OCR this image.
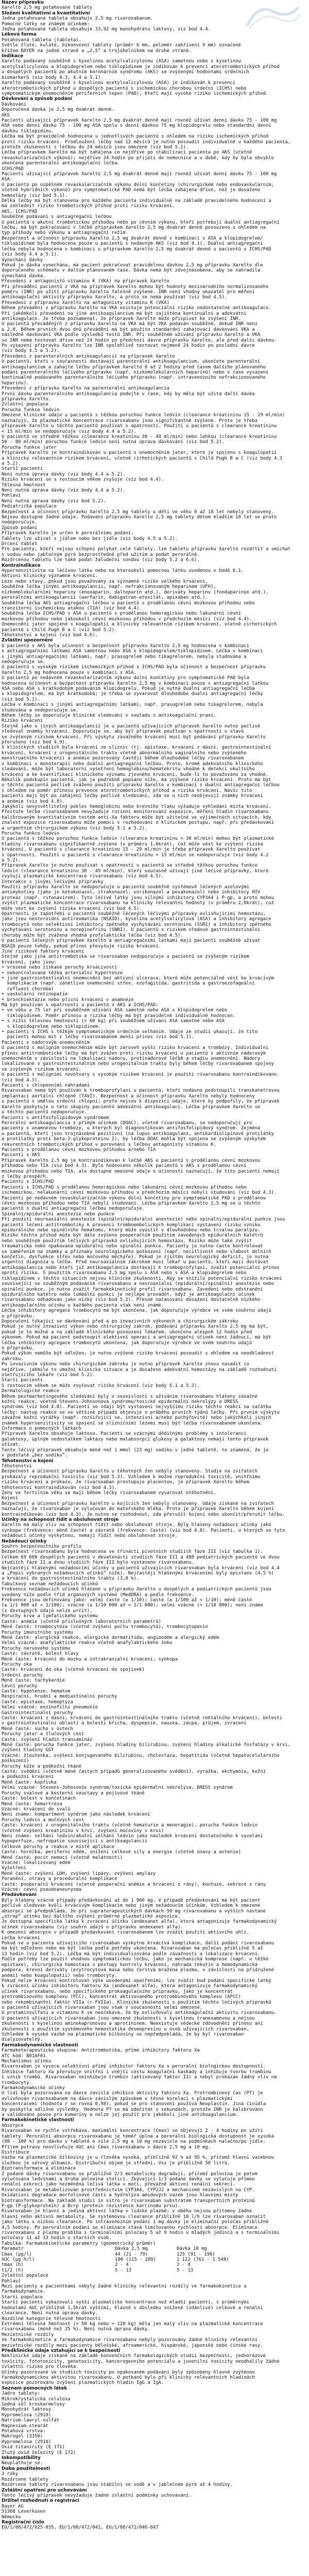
Název přípravku
Xarelto 2,5 mg potahované tablety
Složení kvalitativní a kvantitativní
Jedna potahovaná tableta obsahuje 2,5 mg rivaroxabanum.
Pomocné látky se známým účinkem:
Jedna potahovaná tableta obsahuje 33,92 mg monohydrátu laktosy, viz bod 4.4.
Léková forma
Potahovaná tableta (tableta).
Světle žluté, kulaté, bikonvexní tablety (průměr 6 mm, poloměr zakřivení 9 mm) označené
křížem BAYER na jedné straně a „2,5“ a trojúhelníkem na druhé straně.
Indikace
Xarelto podávaný souběžně s kyselinou acetylsalicylovou (ASA) samotnou nebo s kyselinou
acetylsalicylovou a klopidogrelem nebo tiklopidinem je indikován k prevenci aterotrombotických příhod
u dospělých pacientů po akutním koronárním syndromu (AKS) se zvýšenými hodnotami srdečních
biomarkerů (viz body 4.3, 4.4 a 5.1).
Xarelto podávaný souběžně s kyselinou acetylsalicylovou (ASA) je indikován k prevenci
aterotrombotických příhod u dospělých pacientů s ischemickou chorobou srdeční (ICHS) nebo
symptomatickým onemocněním periferních tepen (PAD), kteří mají vysoké riziko ischemických příhod.
Dávkování a způsob podání
Dávkování
Doporučená dávka je 2,5 mg dvakrát denně.
AKS
Pacienti užívající přípravek Xarelto 2,5 mg dvakrát denně mají rovněž užívat denní dávku 75 - 100 mg
ASA nebo denní dávku 75 - 100 mg ASA spolu s denní dávkou 75 mg klopidogrelu nebo standardní denní
dávkou tiklopidinu.
Léčba má být pravidelně hodnocena u jednotlivých pacientů s ohledem na riziko ischemických příhod
proti riziku krvácení. Prodloužení léčby nad 12 měsíců je nutno posoudit individuálně u každého pacienta,
protože zkušenosti s léčbou do 24 měsíců jsou omezené (viz bod 5.1).
Léčba přípravkem Xarelto má být zahájena co nejdříve po stabilizaci pacienta po AKS (včetně
revaskularizačních výkonů); nejdříve 24 hodin po přijetí do nemocnice a v době, kdy by byla obvykle
ukončena parenterální antikoagulační léčba.
ICHS/PAD
Pacienti užívající přípravek Xarelto 2,5 mg dvakrát denně mají rovněž užívat denní dávku 75 - 100 mg
ASA.
U pacientů po úspěšném revaskularizačním výkonu dolní končetiny (chirurgickém nebo endovaskulárním,
včetně hybridních výkonů) pro symptomatické PAD nemá být léčba zahájena dříve, než je dosaženo
hemostázy (viz bod 5.1).
Délka léčby má být stanovena pro každého pacienta individuálně na základě pravidelného hodnocení a
má zohlednit riziko trombotických příhod proti riziku krvácení.
AKS, ICHS/PAD
Souběžné podávání s antiagregační léčbou
U pacientů s akutní trombotickou příhodou nebo po cévním výkonu, kteří potřebují duální antiagregační
léčbu, má být pokračování v léčbě přípravkem Xarelto 2,5 mg dvakrát denně posouzeno s ohledem na
typ příhody nebo výkonu a antiagregační režim.
Bezpečnost a účinnost přípravku Xarelto 2,5 mg dvakrát denně v kombinaci s ASA a klopidogrelem/
tiklopidinem byla hodnocena pouze u pacientů s nedávným AKS (viz bod 4.1). Duální antiagregační
léčba nebyla hodnocena v kombinaci s přípravkem Xarelto 2,5 mg dvakrát denně u pacientů s ICHS/PAD
(viz body 4.4 a 5.1).
Vynechání dávky
Pokud je dávka vynechána, má pacient pokračovat pravidelnou dávkou 2,5 mg přípravku Xarelto dle
doporučeného schématu v dalším plánovaném čase. Dávka nemá být zdvojnásobena, aby se nahradila
vynechaná dávka.
Převedení z antagonistů vitaminu K (VKA) na přípravek Xarelto
Při převádění pacientů z VKA na přípravek Xarelto mohou být hodnoty mezinárodního normalizovaného
poměru (INR) po užití přípravku Xarelto falešně zvýšené. INR není vhodný ukazatel pro měření
antikoagulační aktivity přípravku Xarelto, a proto se nemá používat (viz bod 4.5).
Převedení z přípravku Xarelto na antagonisty vitaminu K (VKA)
Během převádění z přípravku Xarelto na VKA existuje potenciální riziko nedostatečné antikoagulace.
Při jakémkoli převedení na jiné antikoagulancium má být zajištěna kontinuální a adekvátní
antikoagulace. Je třeba poznamenat, že přípravek Xarelto může přispívat ke zvýšení INR.
U pacientů převáděných z přípravku Xarelto na VKA má být VKA podáván souběžně, dokud INR není
≥ 2,0. Během prvních dvou dnů převádění má být použito standardní zahajovací dávkování VKA a
následně dávkování VKA podle výsledků testů INR. Při souběžném užívání přípravku Xarelto a VKA
se INR nemá testovat dříve než 24 hodin po předchozí dávce přípravku Xarelto, ale před další dávkou.
Po vysazení přípravku Xarelto lze INR spolehlivě testovat nejméně 24 hodin po poslední dávce
(viz body 4.5 a 5.2).
Převedení z parenterálních antikoagulancií na přípravek Xarelto
U pacientů, kteří v současnosti dostávají parenterální antikoagulancium, ukončete parenterální
antikoagulancium a zahajte léčbu přípravkem Xarelto 0 až 2 hodiny před časem dalšího plánovaného
podání parenterálního léčivého přípravku (např. nízkomolekulárních heparinů) nebo v čase vysazení
kontinuálně podávaného parenterálního léčivého přípravku (např. intravenózního nefrakcionovaného
heparinu).
Převedení z přípravku Xarelto na parenterální antikoagulancia
První dávku parenterálního antikoagulancia podejte v čase, kdy by měla být užita další dávka
přípravku Xarelto.
Zvláštní populace
Porucha funkce ledvin
Omezené klinické údaje u pacientů s těžkou poruchou funkce ledvin (clearance kreatininu 15 - 29 ml/min)
naznačují, že plazmatické koncentrace rivaroxabanu jsou signifikantně zvýšené. Proto je třeba
přípravek Xarelto u těchto pacientů používat s opatrností. Použití u pacientů s clearance kreatininu
< 15 ml/min se nedoporučuje (viz body 4.4 a 5.2).
U pacientů se středně těžkou (clearance kreatininu 30 - 49 ml/min) nebo lehkou (clearance kreatininu
50 - 80 ml/min) poruchou funkce ledvin není nutná úprava dávkování (viz bod 5.2).
Porucha funkce jater
Přípravek Xarelto je kontraindikován u pacientů s onemocněním jater, které je spojeno s koagulopatií
a klinicky relevantním rizikem krvácení, včetně cirhotických pacientů s Child Pugh B a C (viz body 4.3
a 5.2).
Starší pacienti
Není nutná úprava dávky (viz body 4.4 a 5.2).
Riziko krvácení se s rostoucím věkem zvyšuje (viz bod 4.4).
Tělesná hmotnost
Není nutná úprava dávky (viz body 4.4 a 5.2).
Pohlaví
Není nutná úprava dávky (viz bod 5.2).
Pediatrická populace
Bezpečnost a účinnost přípravku Xarelto 2,5 mg tablety u dětí ve věku 0 až 18 let nebyly stanoveny.
Nejsou dostupné žádné údaje. Podávání přípravku Xarelto 2,5 mg tablety dětem mladším 18 let se proto
nedoporučuje.
Způsob podání
Přípravek Xarelto je určen k perorálnímu podání.
Tablety lze užívat s jídlem nebo bez jídla (viz body 4.5 a 5.2).
Drcení tablet
Pro pacienty, kteří nejsou schopni polykat celé tablety, lze tabletu přípravku Xarelto rozdrtit a smíchat
s vodou nebo jablečným pyré bezprostředně před užitím a podat perorálně.
Rozdrcenou tabletu lze také podat žaludeční sondou (viz body 5.2 a 6.6).
Kontraindikace
Hypersenzitivita na léčivou látku nebo na kteroukoli pomocnou látku uvedenou v bodě 6.1.
Aktivní klinicky významné krvácení.
Léze nebo stavy, pokud jsou považovány za významné riziko velkého krvácení.
Souběžná léčba jinými antikoagulancii, např. nefrakcionovaným heparinem (UFH),
nízkomolekulárními hepariny (enoxaparin, dalteparin atd.), deriváty heparinu (fondaparinux atd.),
perorálními antikoagulancii (warfarin, dabigatran-etexilát, apixaban atd.).
Souběžná léčba AKS antiagregační léčbou u pacientů s prodělanou cévní mozkovou příhodou nebo
tranzitorní ischemickou atakou (TIA) (viz bod 4.4).
Souběžná léčba ICHS/PAD s ASA u pacientů s prodělanou hemoragickou nebo lakunární cévní
mozkovou příhodou nebo jakoukoli cévní mozkovou příhodou v předchozím měsíci (viz bod 4.4).
Onemocnění jater spojené s koagulopatií a klinicky relevantním rizikem krvácení, včetně cirhotických
pacientů s Child Pugh B a C (viz bod 5.2).
Těhotenství a kojení (viz bod 4.6).
Zvláštní upozornění
U pacientů s AKS byla účinnost a bezpečnost přípravku Xarelto 2,5 mg hodnocena v kombinaci
s antiagregačními látkami ASA samotnou nebo ASA s klopidogrelem/tiklopidinem. Léčba v kombinaci
s jinými antiagregačními látkami, např. prasugrelem nebo tikagrelorem, nebyla studována a
nedoporučuje se.
U pacientů s vysokým rizikem ischemických příhod s ICHS/PAD byla účinnost a bezpečnost přípravku
Xarelto 2,5 mg hodnocena pouze v kombinaci s ASA.
U pacientů po nedávném revaskularizačním výkonu dolní končetiny pro symptomatické PAD byla
hodnocena účinnost a bezpečnost přípravku Xarelto 2,5 mg v kombinaci pouze s antiagregační látkou
ASA nebo ASA s krátkodobým podáváním klopidogrelu. Pokud je nutná duální antiagregační léčba
s klopidogrelem, má být krátkodobá; je třeba se vyvarovat dlouhodobé duální antiagregační léčby
(viz bod 5.1).
Léčba v kombinaci s jinými antiagregačními látkami, např. prasugrelem nebo tikagrelorem, nebyla
studována a nedoporučuje se.
Během léčby se doporučuje klinické sledování v souladu s antikoagulační praxí.
Riziko krvácení
Stejně jako u jiných antikoagulancií je u pacientů užívajících přípravek Xarelto nutno pečlivě
sledovat známky krvácení. Doporučuje se, aby byl přípravek používán s opatrností u stavů
se zvýšeným rizikem krvácení. Při výskytu závažného krvácení musí být podávání přípravku Xarelto
přerušeno (viz bod 4.9).
V klinických studiích byla krvácení ze sliznic (tj. epistaxe, krvácení z dásní, gastrointestinální
krvácení, krvácení z urogenitálního traktu včetně abnormálního vaginálního nebo zvýšeného
menstruačního krvácení) a anémie pozorovány častěji během dlouhodobé léčby rivaroxabanem
v kombinaci s monoterapií nebo duální antiagregační léčbou. Proto, kromě adekvátního klinického
sledování, může být laboratorní vyšetření hemoglobinu/hematokritu vhodné k detekci okultního
krvácení a ke kvantifikaci klinického významu zjevného krvácení, bude-li to považováno za vhodné.
Několik podskupin pacientů, jak je podrobně popsáno níže, má zvýšené riziko krvácení. Proto má být
u těchto pacientů pečlivě zváženo použití přípravku Xarelto v kombinaci s duální antiagregační léčbou
s ohledem na poměr přínosu prevence aterotrombotických příhod a rizika krvácení. Navíc tito
pacienti mají být po zahájení léčby pečlivě sledováni, zda se u nich neobjevují známky krvácení
a anémie (viz bod 4.8).
Jakýkoli nevysvětlitelný pokles hemoglobinu nebo krevního tlaku vyžaduje vyhledání místa krvácení.
Přestože léčba rivaroxabanem nevyžaduje rutinní monitorování expozice, měření hladin rivaroxabanu
kalibrovaným kvantitativním testem anti-Xa faktoru může být užitečné ve výjimečných situacích, kdy
znalost expozice rivaroxabanu může pomoci v rozhodování o klinickém postupu, např. při předávkování
a urgentním chirurgickém výkonu (viz body 5.1 a 5.2).
Porucha funkce ledvin
U pacientů s těžkou poruchou funkce ledvin (clearance kreatininu < 30 ml/min) mohou být plazmatické
hladiny rivaroxabanu signifikantně zvýšené (v průměru 1,6krát), což může vést ke zvýšení rizika
krvácení. U pacientů s clearance kreatininu 15 - 29 ml/min je třeba přípravek Xarelto používat
s opatrností. Použití u pacientů s clearance kreatininu < 15 ml/min se nedoporučuje (viz body 4.2
a 5.2).
Přípravek Xarelto je nutno používat s opatrností u pacientů se středně těžkou poruchou funkce
ledvin (clearance kreatininu 30 - 49 ml/min), kteří současně užívají jiné léčivé přípravky, které
zvyšují plazmatické koncentrace rivaroxabanu (viz bod 4.5).
Interakce s jinými léčivými přípravky
Použití přípravku Xarelto se nedoporučuje u pacientů souběžně systémově léčených azolovými
antimykotiky (jako je ketokonazol, itrakonazol, vorikonazol a posakonazol) nebo inhibitory HIV
proteáz (např. ritonavirem). Tyto léčivé látky jsou silnými inhibitory CYP3A4 i P-gp, a proto mohou
zvýšit plazmatické koncentrace rivaroxabanu na klinicky relevantní hodnoty (v průměru 2,6krát), což
může vést ke zvýšení rizika krvácení (viz bod 4.5).
Opatrnosti je zapotřebí u pacientů souběžně léčených léčivými přípravky ovlivňujícími hemostázu,
jako jsou nesteroidní antirevmatika (NSAID), kyselina acetylsalicylová (ASA) a inhibitory agregace
trombocytů nebo selektivní inhibitory zpětného vychytávání serotoninu (SSRI) a inhibitory zpětného
vychytávání serotoninu a norepinefrinu (SNRI). U pacientů s rizikem vředové gastrointestinální
choroby může být zvážena vhodná profylaktická léčba (viz bod 4.5).
U pacientů léčených přípravkem Xarelto a antiagregačními látkami mají pacienti souběžně užívat
NSAID pouze tehdy, pokud přínos převyšuje riziko krvácení.
Jiné rizikové faktory krvácení
Stejně jako jiná antitrombotika se rivaroxaban nedoporučuje u pacientů se zvýšeným rizikem
krvácení, jako jsou:
• vrozené nebo získané poruchy krvácivosti
• nekontrolovaná těžká arteriální hypertenze
• jiné gastrointestinální onemocnění bez aktivní ulcerace, které může potenciálně vést ke krvácivým
komplikacím (např. zánětlivé onemocnění střev, ezofagitida, gastritida a gastroezofageální
refluxní choroba)
• vaskulární retinopatie
• bronchiektázie nebo plicní krvácení v anamnéze
Má být používán s opatrností u pacientů s AKS a ICHS/PAD:
• ve věku ≥ 75 let při souběžném užívání ASA samotné nebo ASA s klopidogrelem nebo
tiklopidinem. Poměr přínosu a rizika léčby má být pravidelně individuálně hodnocen.
• s nižší tělesnou hmotností (< 60 kg) při souběžném užívání ASA samotné nebo ASA
s klopidogrelem nebo tiklopidinem.
• pacienti s ICHS s těžkým symptomatickým srdečním selháním. Údaje ze studií ukazují, že tito
pacienti mohou mít z léčby rivaroxabanem menší přínos (viz bod 5.1).
Pacienti s nádorovým onemocněním
U pacientů s maligním onemocněním může být zároveň vyšší riziko krvácení a trombózy. Individuální
přínos antitrombotické léčby má být zvážen proti riziku krvácení u pacientů s aktivním nádorovým
onemocněním v závislosti na lokalizaci nádoru, protinádorové léčbě a stadiu onemocnění. Nádory
lokalizované v gastrointestinálním nebo urogenitálním traktu byly během léčby rivaroxabanem spojeny
se zvýšeným rizikem krvácení.
U pacientů s maligními novotvary s vysokým rizikem krvácení je použití rivaroxabanu kontraindikováno
(viz bod 4.3).
Pacienti s chlopenními náhradami
Rivaroxaban nemá být používán k tromboprofylaxi u pacientů, kteří nedávno podstoupili transkatetrovou
implantaci aortální chlopně (TAVI). Bezpečnost a účinnost přípravku Xarelto nebyly hodnoceny
u pacientů s umělou srdeční chlopní; proto nejsou k dispozici údaje, které by podpořily, že přípravek
Xarelto poskytuje u této skupiny pacientů adekvátní antikoagulaci. Léčba přípravkem Xarelto se
u těchto pacientů nedoporučuje.
Pacienti s antifosfolipidovým syndromem
Perorální antikoagulancia s přímým účinkem (DOAC), včetně rivaroxabanu, se nedoporučují pro
pacienty s anamnézou trombózy, u kterých byl diagnostikován antifosfolipidový syndrom. Zejména
u pacientů, kteří jsou trojnásobně pozitivní (na lupus antikoagulans, antikardiolipinové protilátky
a protilátky proti beta-2-glykoproteinu I), by léčba DOAC mohla být spojena se zvýšeným výskytem
rekurentních trombotických příhod v porovnání s léčbou antagonisty vitaminu K.
Pacienti s prodělanou cévní mozkovou příhodou a/nebo TIA
Pacienti s AKS
Přípravek Xarelto 2,5 mg je kontraindikován k léčbě AKS u pacientů s prodělanou cévní mozkovou
příhodou nebo TIA (viz bod 4.3). Bylo hodnoceno několik pacientů s AKS s prodělanou cévní
mozkovou příhodou nebo TIA, ale dostupné omezené údaje o účinnosti naznačují, že tito pacienti nemají
z léčby prospěch.
Pacienti s ICHS/PAD
Pacienti s ICHS/PAD s prodělanou hemoragickou nebo lakunární cévní mozkovou příhodou nebo
ischemickou, nelakunární cévní mozkovou příhodou v předchozím měsíci nebyli studováni (viz bod 4.3).
Pacienti po nedávném revaskularizačním výkonu dolní končetiny pro symptomatické PAD s prodělanou
cévní mozkovou příhodou nebo TIA nebyli studováni. Léčba přípravkem Xarelto 2,5 mg se u těchto
pacientů s duální antiagregační léčbou nedoporučuje.
Spinální/epidurální anestezie nebo punkce
Při použití neuroaxiální anestezie (spinální/epidurální anestezie) nebo spinální/epidurální punkce jsou
pacienti léčení antitrombotiky k prevenci tromboembolických komplikací vystaveni riziku vzniku
epidurálního nebo spinálního hematomu, který může vyústit v dlouhodobou nebo trvalou paralýzu.
Riziko těchto příhod může být dále zvýšeno pooperačním použitím zavedených epidurálních katétrů
nebo souběžným použitím léčivých přípravků ovlivňujících hemostázu. Riziko může také zvýšit
traumatická nebo opakovaná epidurální nebo spinální punkce. Pacienty je nutno často kontrolovat
se zaměřením na známky a příznaky neurologického poškození (např. necitlivost nebo slabost dolních
končetin, dysfunkce střev nebo močového měchýře). Pokud je zjištěn neurologický deficit, je nutná
urgentní diagnóza a léčba. Před neuroaxiálním zákrokem musí lékař u pacientů, kteří mají dostávat
antikoagulancia nebo kteří již antikoagulancia dostávají k tromboprofylaxi, zvážit potenciální přínos
oproti riziku. S použitím rivaroxabanu 2,5 mg spolu s ASA nebo s ASA a klopidogrelem nebo
tiklopidinem v těchto situacích nejsou klinické zkušenosti. Aby se snížilo potenciální riziko krvácení
související se souběžným podáváním rivaroxabanu a neuroaxiální (epidurální/spinální) anestezie nebo
spinální punkce, je nutno zvážit farmakokinetický profil rivaroxabanu. Zavedení nebo odstranění
epidurálního katétru nebo lumbální punkci je nejlépe provádět, když je antikoagulační účinek
rivaroxabanu odhadován jako nízký (viz bod 5.2). Přesné načasování dosažení dostatečně nízkého
antikoagulačního účinku u každého pacienta však není známé.
Léčba inhibitory agregace trombocytů má být ukončena, jak doporučuje výrobce ve svém souhrnu údajů
o přípravku.
Doporučení týkající se dávkování před a po invazivních výkonech a chirurgickém zákroku
Pokud je nutný invazivní výkon nebo chirurgický zákrok, podávání přípravku Xarelto 2,5 mg má být,
pokud je to možné a na základě klinického posouzení lékařem, ukončeno alespoň 12 hodin před
výkonem. Pokud má pacient podstoupit elektivní operaci a antiagregační účinek není žádoucí, má být
léčba inhibitory agregace trombocytů ukončena, jak doporučuje výrobce ve svém souhrnu údajů
o přípravku.
Pokud výkon nemůže být odložen, je nutno zvýšené riziko krvácení posoudit s ohledem na neodkladnost
zákroku.
Po invazivním výkonu nebo chirurgickém zákroku je nutno přípravek Xarelto znovu nasadit co
nejdříve, jakmile to umožní klinická situace a je dosaženo adekvátní hemostázy na základě rozhodnutí
ošetřujícího lékaře (viz bod 5.2).
Starší pacienti
S rostoucím věkem se může zvyšovat riziko krvácení (viz body 5.1 a 5.2).
Dermatologické reakce
Během postmarketingového sledování byly v souvislosti s užíváním rivaroxabanu hlášeny závažné
kožní reakce, včetně Stevens-Johnsonova syndromu/toxické epidermální nekrolýzy a DRESS
syndromu (viz bod 4.8). Pacienti se zdají být vystaveni nejvyššímu riziku těchto reakcí na začátku
léčby: nástup reakce se ve většině případů objevuje v průběhu prvních týdnů léčby. Při prvním výskytu
závažné kožní vyrážky (např. rozšiřující se, intenzivní a/nebo puchýřovité) nebo jakýchkoli jiných
známek hypersenzitivity ve spojení se slizničními lézemi musí být léčba rivaroxabanem ukončena.
Informace o pomocných látkách
Přípravek Xarelto obsahuje laktosu. Pacienti se vzácnými dědičnými problémy s intolerancí
galaktosy, úplným nedostatkem laktázy nebo malabsorpcí glukosy a galaktosy nemají tento přípravek
užívat.
Tento léčivý přípravek obsahuje méně než 1 mmol (23 mg) sodíku v jedné tabletě, to znamená, že je
v podstatě „bez sodíku“.
Těhotenství a kojení
Těhotenství
Bezpečnost a účinnost přípravku Xarelto u těhotných žen nebyly stanoveny. Studie na zvířatech
prokázaly reprodukční toxicitu (viz bod 5.3). Vzhledem k možné reprodukční toxicitě, vnitřnímu
riziku krvácení a průkazu, že rivaroxaban prostupuje placentou, je přípravek Xarelto během
těhotenství kontraindikován (viz bod 4.3).
Ženy ve fertilním věku se mají během léčby rivaroxabanem vyvarovat otěhotnění.
Kojení
Bezpečnost a účinnost přípravku Xarelto u kojících žen nebyly stanoveny. Údaje získané na zvířatech
naznačují, že rivaroxaban je vylučován do mateřského mléka. Proto je přípravek Xarelto během kojení
kontraindikován (viz bod 4.3). Je nutno se rozhodnout, zda přerušit kojení nebo ukončit/přerušit léčbu.
Účinky na schopnost řídit a obsluhovat stroje
Xarelto má malý vliv na schopnost řídit nebo obsluhovat stroje. Byly hlášeny nežádoucí účinky jako
synkopa (frekvence: méně časté) a závratě (frekvence: časté) (viz bod 4.8). Pacienti, u kterých se tyto
nežádoucí účinky vyskytnou, nemají řídit nebo obsluhovat stroje.
Nežádoucí účinky
Souhrn bezpečnostního profilu
Bezpečnost rivaroxabanu byla hodnocena ve třinácti pivotních studiích fáze III (viz tabulka 1).
Celkem 69 608 dospělých pacientů v devatenácti studiích fáze III a 488 pediatrických pacientů ve dvou
studiích fáze II a dvou studiích fáze III bylo vystaveno rivaroxabanu.
Nejčastěji hlášenými nežádoucími účinky u pacientů užívajících rivaroxaban byla krvácení (viz bod 4.4
a „Popis vybraných nežádoucích účinků“ níže). Nejčastěji hlášenými krváceními byly epistaxe (4,5 %)
a krvácení do gastrointestinálního traktu (3,8 %).
Tabulkový seznam nežádoucích účinků
Frekvence nežádoucích účinků hlášené u přípravku Xarelto u dospělých a pediatrických pacientů jsou
uvedeny níže podle tříd orgánových systémů (MedDRA) a podle frekvence.
Frekvence jsou definovány jako: velmi časté (≥ 1/10); časté (≥ 1/100 až < 1/10); méně časté
(≥ 1/1 000 až < 1/100); vzácné (≥ 1/10 000 až < 1/1 000); velmi vzácné (< 1/10 000); není známo
(z dostupných údajů nelze určit).
Poruchy krve a lymfatického systému
Časté: anémie (včetně příslušných laboratorních parametrů)
Méně časté: trombocytóza (včetně zvýšení počtu trombocytů), trombocytopenie
Poruchy imunitního systému
Méně časté: alergická reakce, alergická dermatitida, angioedém a alergický edém
Velmi vzácné: anafylaktické reakce včetně anafylaktického šoku
Poruchy nervového systému
Časté: závratě, bolest hlavy
Méně časté: krvácení do mozku a intrakraniální krvácení, synkopa
Poruchy oka
Časté: krvácení do oka (včetně krvácení do spojivek)
Srdeční poruchy
Méně časté: tachykardie
Cévní poruchy
Časté: hypotenze, hematom
Respirační, hrudní a mediastinální poruchy
Časté: epistaxe, hemoptýza
Velmi vzácné: eozinofilní pneumonie
Gastrointestinální poruchy
Časté: krvácení z dásní, krvácení do gastrointestinálního traktu (včetně rektálního krvácení), bolesti
v gastrointestinální oblasti a bolesti břicha, dyspepsie, nauzea, zácpa, průjem, zvracení
Méně časté: sucho v ústech
Poruchy jater a žlučových cest
Časté: zvýšení hladin transamináz
Méně časté: porucha funkce jater, zvýšení hladiny bilirubinu, zvýšení hladiny alkalické fosfatázy v krvi,
zvýšení hladiny GGT
Vzácné: žloutenka, zvýšení konjugovaného bilirubinu, cholestáza, hepatitida (včetně hepatocelulárního
poškození)
Poruchy kůže a podkožní tkáně
Časté: svědění (včetně méně častých případů generalizovaného svědění), vyrážka, ekchymóza, kožní
a podkožní krvácení
Méně časté: kopřivka
Velmi vzácné: Stevens-Johnsonův syndrom/toxická epidermální nekrolýza, DRESS syndrom
Poruchy svalové a kosterní soustavy a pojivové tkáně
Časté: bolest v končetinách
Méně časté: hemartróza
Vzácné: krvácení do svalů
Není známo: kompartment syndrom jako následek krvácení
Poruchy ledvin a močových cest
Časté: krvácení z urogenitálního traktu (včetně hematurie a menoragie), porucha funkce ledvin
(včetně zvýšení kreatininu v krvi, zvýšení močoviny v krvi)
Není známo: selhání ledvin/akutní selhání ledvin jako následek krvácení dostatečného k vyvolání
hypoperfuze, nefropatie související s antikoagulancii
Celkové poruchy a reakce v místě aplikace
Časté: horečka, periferní edém, snížení celkové síly a energie (včetně únavy a astenie)
Méně časté: pocit nemoci (včetně malátnosti)
Vzácné: lokalizovaný edém
Vyšetření
Méně časté: zvýšení LDH, zvýšení lipázy, zvýšení amylázy
Poranění, otravy a procedurální komplikace
Časté: pooperační krvácení (včetně pooperační anémie a krvácení z rány), kontuze, sekrece z rány
Vzácné: cévní pseudoaneurysma
Předávkování
Byly hlášeny vzácné případy předávkování až do 1 960 mg. V případě předávkování má být pacient
pečlivě sledován kvůli krvácivým komplikacím nebo jiným nežádoucím účinkům. Vzhledem k omezené
absorpci se předpokládá, že při supraterapeutických dávkách 50 mg rivaroxabanu a vyšších nastane
„strop“ účinku bez dalšího zvýšení průměrné plazmatické expozice.
Je dostupná specifická látka k zvrácení účinku (andexanet alfa), která antagonizuje farmakodynamický
účinek rivaroxabanu (viz souhrn údajů o přípravku andexanet alfa).
K omezení absorpce v případě předávkování rivaroxabanem lze zvážit použití aktivního uhlí.
Léčba krvácení
Pokud se u pacienta užívajícího rivaroxaban vyskytne krvácivá komplikace, další podání rivaroxabanu
má být odloženo nebo má být léčba podle potřeby ukončena. Rivaroxaban má poločas přibližně 5 až
13 hodin (viz bod 5.2). Léčba má být individualizována podle závažnosti a lokalizace krvácení.
Podle potřeby lze použít vhodnou symptomatickou léčbu, jako je mechanická komprese (např. u těžké
epistaxe), chirurgická hemostáza s postupy kontroly krvácení, náhrada tekutin a hemodynamická
podpora, krevní deriváty (erytrocytová masa nebo čerstvá mražená plazma, v závislosti na přidružené
anémii nebo koagulopatii) nebo trombocyty.
Pokud nelze krvácení kontrolovat výše uvedenými opatřeními, lze zvážit buď podání specifické látky
k zvrácení účinku inhibitoru faktoru Xa (andexanet alfa), která antagonizuje farmakodynamický
účinek rivaroxabanu, nebo specifického prokoagulačního přípravku, jako je koncentrát
protrombinového komplexu (PCC), koncentrát aktivovaného protrombinového komplexu (APCC)
nebo rekombinantní faktor VIIa (r-FVIIa). Klinické zkušenosti s použitím těchto léčivých přípravků
u pacientů užívajících rivaroxaban jsou však v současnosti velmi omezené.
U protaminsulfátu a vitaminu K se neočekává, že by ovlivňovaly antikoagulační aktivitu rivaroxabanu.
U pacientů užívajících rivaroxaban jsou omezené zkušenosti s kyselinou tranexamovou a nejsou
zkušenosti s kyselinou aminokapronovou a aprotininem. Neexistuje vědecké zdůvodnění přínosu ani
zkušenosti s použitím systémového hemostatika desmopresinu u osob užívajících rivaroxaban.
Vzhledem k vysoké vazbě na plazmatické bílkoviny se nepředpokládá, že by byl rivaroxaban
dialyzovatelný.
Farmakodynamické vlastnosti
Farmakoterapeutická skupina: Antitrombotika, přímé inhibitory faktoru Xa
ATC kód: B01AF01
Mechanismus účinku
Rivaroxaban je vysoce selektivní přímý inhibitor faktoru Xa s perorální biologickou dostupností.
Inhibice faktoru Xa přerušuje vnitřní i vnější cestu koagulační kaskády a inhibuje tvorbu trombinu
i vznik trombů. Rivaroxaban neinhibuje trombin (aktivovaný faktor II) a nebyl prokázán žádný vliv na
trombocyty.
Farmakodynamické účinky
U lidí byla pozorována na dávce závislá inhibice aktivity faktoru Xa. Protrombinový čas (PT) je
ovlivňován rivaroxabanem na dávce závislým způsobem v těsné korelaci s plazmatickými
koncentracemi (hodnota r se rovná 0,98), pokud se pro stanovení používá Neoplastin. Jiná činidla
by poskytla odlišné výsledky. Hodnota PT se má odečítat v sekundách, protože INR je kalibrováno
a validováno pouze pro kumariny a nelze jej použít pro jakékoli jiné antikoagulancium.
Farmakokinetické vlastnosti
Absorpce
Rivaroxaban se rychle vstřebává, maximální koncentrace (Cmax) se objevují 2 - 4 hodiny po užití
tablety. Perorální absorpce rivaroxabanu je téměř úplná a perorální biologická dostupnost je vysoká
(80 - 100 %) pro dávku v tabletě o síle 2,5 mg a 10 mg nezávisle na podmínkách nalačno/po jídle.
Příjem potravy neovlivňuje AUC ani Cmax rivaroxabanu v dávce 2,5 mg a 10 mg.
Distribuce
Vazba na plazmatické bílkoviny je u člověka vysoká, přibližně 92 % až 95 %, přičemž hlavní vazebnou
složkou je sérový albumin. Distribuční objem je střední, Vss je přibližně 50 litrů.
Biotransformace a eliminace
Z podané dávky rivaroxabanu se přibližně 2/3 metabolicky degradují, přičemž polovina je potom
vylučována ledvinami a druhá polovina stolicí. Zbývající 1/3 podané dávky se vylučuje přímou
renální exkrecí jako nezměněná léčivá látka v moči, převážně aktivní renální sekrecí.
Rivaroxaban je metabolizován prostřednictvím CYP3A4, CYP2J2 a mechanismů nezávislých na CYP.
Oxidativní degradace morfolinové části a hydrolýza amidových vazeb jsou hlavními místy
biotransformace. Na základě studií in vitro je rivaroxaban substrátem transportních proteinů
P-gp (P-glykoprotein) a Bcrp (protein rezistence karcinomu prsu).
Rivaroxaban je hlavní a jediná aktivní látka v lidské plazmě; v oběhu nejsou přítomny žádné
hlavní nebo aktivní metabolity. Se systémovou clearance přibližně 10 l/h lze rivaroxaban označit
jako látku s nízkou clearance. Po intravenózním podání 1 mg dávky je eliminační poločas přibližně
4,5 hodiny. Po perorálním podání se eliminace stává limitovanou rychlostí absorpce. Eliminace
rivaroxabanu z plazmy probíhá s terminálními poločasy 5 až 9 hodin u mladých jedinců a s terminálními
poločasy 11 až 13 hodin u starších osob.
Tabulka: Farmakokinetické parametry (geometrický průměr)
Parametr	Dávka 2,5 mg	Dávka 10 mg
Cmax (µg/l)	44 (21 - 79)	125 (91 - 196)
AUC (µg·h/l)	180 (115 - 289)	1 122 (761 - 1 548)
tmax (h)	2 - 4	2 - 4
t1/2 (h)	5 - 13	5 - 13
Zvláštní populace
Pohlaví
Mezi pacienty a pacientkami nebyly žádné klinicky relevantní rozdíly ve farmakokinetice a
farmakodynamice.
Starší populace
Starší pacienti vykazovali vyšší plazmatické koncentrace než mladší pacienti, s průměrnými
hodnotami AUC přibližně 1,5krát vyššími, hlavně v důsledku snížené (zdánlivé) celkové a renální
clearance. Není nutná úprava dávky.
Rozdílné kategorie tělesné hmotnosti
Extrémní tělesná hmotnost (< 50 kg nebo > 120 kg) měla jen malý vliv na plazmatické koncentrace
rivaroxabanu (méně než 25 %). Není nutná úprava dávky.
Mezietnické rozdíly
Ve farmakokinetice a farmakodynamice rivaroxabanu nebyly pozorovány žádné klinicky relevantní
mezietnické rozdíly mezi pacienty bělošské, afroamerické, hispánské, japonské nebo čínské rasy.
Předklinické údaje vztahující se k bezpečnosti
Neklinické údaje získané na základě konvenčních farmakologických studií bezpečnosti, jednorázové
toxicity, fototoxicity, genotoxicity, kancerogenního potenciálu a juvenilní toxicity neodhalily žádné
zvláštní riziko pro člověka.
Účinky pozorované ve studiích toxicity po opakovaném podávání byly způsobeny hlavně zvýšenou
farmakodynamickou aktivitou rivaroxabanu. U potkanů bylo při klinicky relevantních hladinách
expozice pozorováno zvýšení plazmatických hladin IgG a IgA.
Seznam pomocných látek
Jádro tablety:
Mikrokrystalická celulosa
Sodná sůl kroskarmelosy
Monohydrát laktosy
Hypromelosa (2910)
Natrium-lauryl-sulfát
Magnesium-stearát
Potahová vrstva:
Makrogol (3350)
Hypromelosa (2910)
Oxid titaničitý (E 171)
Žlutý oxid železitý (E 172)
Inkompatibility
Neuplatňuje se.
Doba použitelnosti
3 roky
Rozdrcené tablety
Rozdrcené tablety rivaroxabanu jsou stabilní ve vodě a v jablečném pyré až 4 hodiny.
Zvláštní opatření pro uchovávání
Tento léčivý přípravek nevyžaduje žádné zvláštní podmínky uchovávání.
Držitel rozhodnutí o registraci
Bayer AG
51368 Leverkusen
Německo
Registrační číslo
EU/1/08/472/025-035, EU/1/08/472/041, EU/1/08/472/046-047
